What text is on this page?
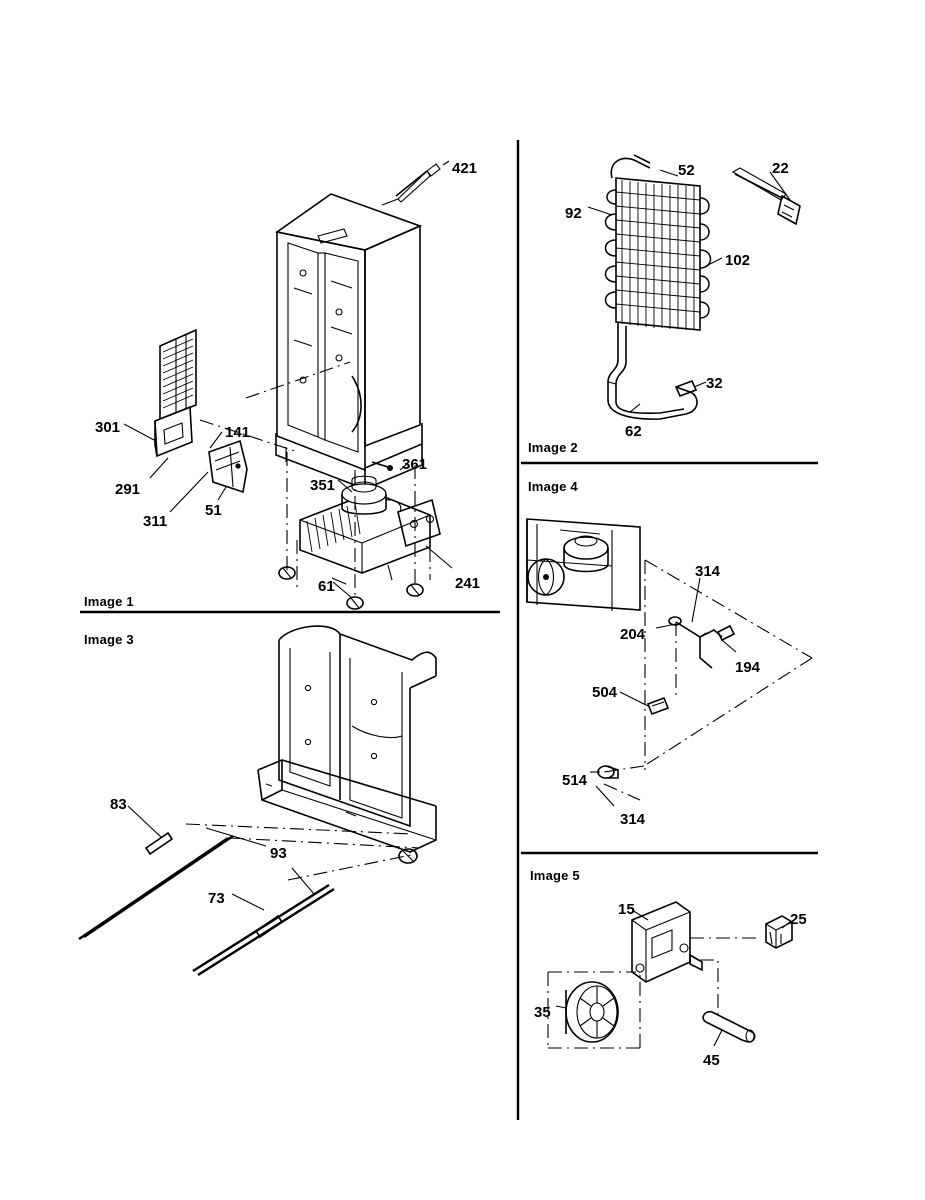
Image 1
Image 2
Image 3
Image 4
Image 5
421
301	141
291
311
51
351
361
61	241
52	22
92
102
32
62
83
93
73
314
204
194
504
514
314
15
25
35
45
